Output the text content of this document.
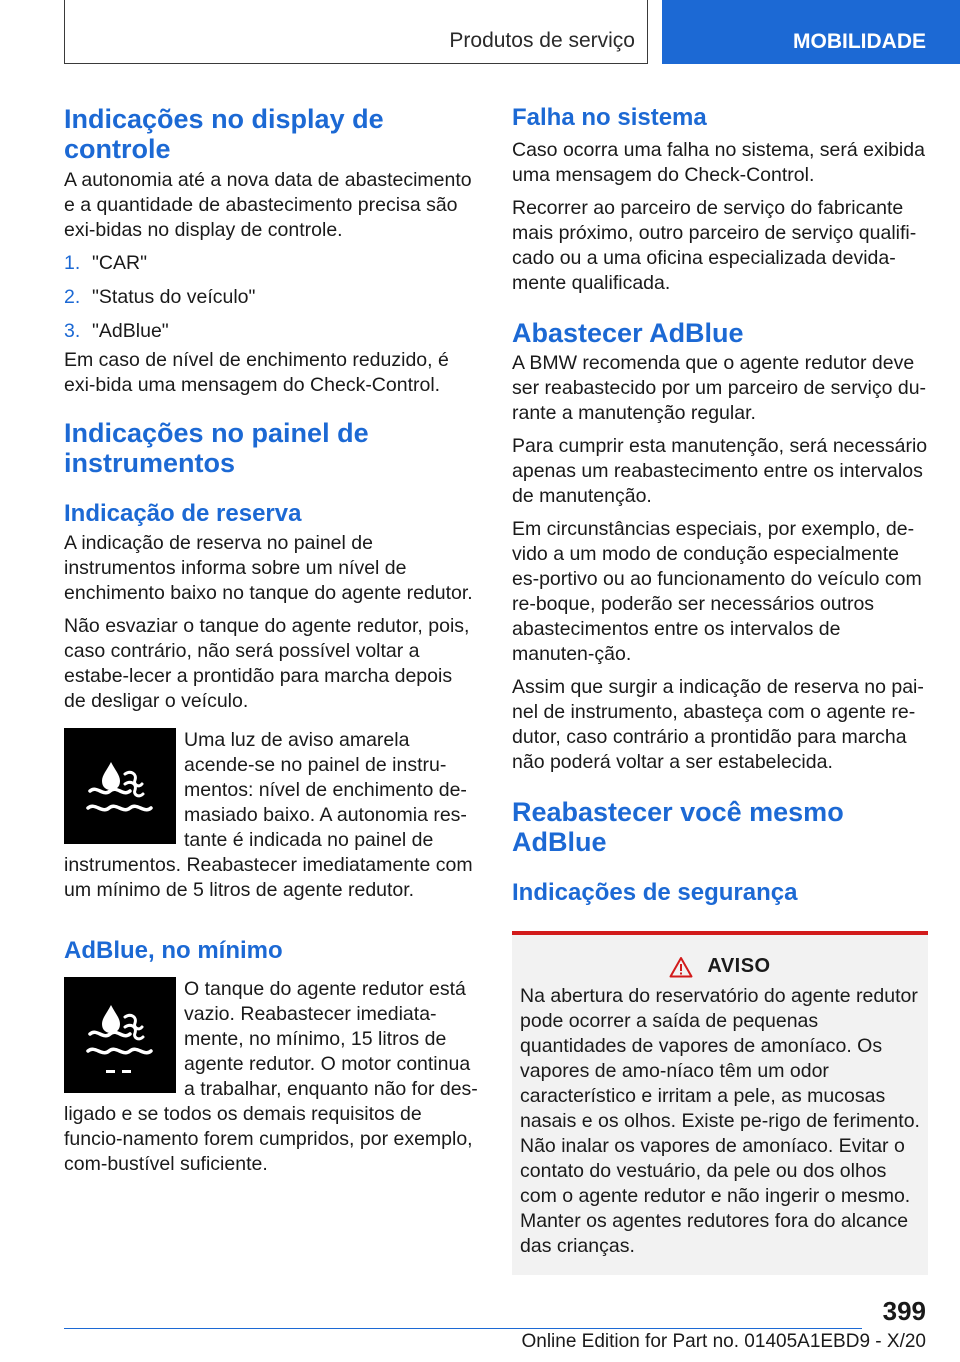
Produtos de serviço	MOBILIDADE
Indicações no display de controle

A autonomia até a nova data de abastecimento e a quantidade de abastecimento precisa são exi-bidas no display de controle.

1. "CAR"
2. "Status do veículo"
3. "AdBlue"

Em caso de nível de enchimento reduzido, é exi-bida uma mensagem do Check-Control.

Indicações no painel de instrumentos
Indicação de reserva

A indicação de reserva no painel de instrumentos informa sobre um nível de enchimento baixo no tanque do agente redutor.

Não esvaziar o tanque do agente redutor, pois, caso contrário, não será possível voltar a estabe-lecer a prontidão para marcha depois de desligar o veículo.

Uma luz de aviso amarela acende-se no painel de instru-mentos: nível de enchimento de-masiado baixo. A autonomia res-tante é indicada no painel de instrumentos. Reabastecer imediatamente com um mínimo de 5 litros de agente redutor.

AdBlue, no mínimo

O tanque do agente redutor está vazio. Reabastecer imediata-mente, no mínimo, 15 litros de agente redutor. O motor continua a trabalhar, enquanto não for des-ligado e se todos os demais requisitos de funcio-namento forem cumpridos, por exemplo, com-bustível suficiente.

Falha no sistema

Caso ocorra uma falha no sistema, será exibida uma mensagem do Check-Control.

Recorrer ao parceiro de serviço do fabricante mais próximo, outro parceiro de serviço qualifi-cado ou a uma oficina especializada devida-mente qualificada.

Abastecer AdBlue

A BMW recomenda que o agente redutor deve ser reabastecido por um parceiro de serviço du-rante a manutenção regular.

Para cumprir esta manutenção, será necessário apenas um reabastecimento entre os intervalos de manutenção.

Em circunstâncias especiais, por exemplo, de-vido a um modo de condução especialmente es-portivo ou ao funcionamento do veículo com re-boque, poderão ser necessários outros abastecimentos entre os intervalos de manuten-ção.

Assim que surgir a indicação de reserva no pai-nel de instrumento, abasteça com o agente re-dutor, caso contrário a prontidão para marcha não poderá voltar a ser estabelecida.

Reabastecer você mesmo AdBlue
Indicações de segurança
AVISO

Na abertura do reservatório do agente redutor pode ocorrer a saída de pequenas quantidades de vapores de amoníaco. Os vapores de amo-níaco têm um odor característico e irritam a pele, as mucosas nasais e os olhos. Existe pe-rigo de ferimento. Não inalar os vapores de amoníaco. Evitar o contato do vestuário, da pele ou dos olhos com o agente redutor e não ingerir o mesmo. Manter os agentes redutores fora do alcance das crianças.

399
Online Edition for Part no. 01405A1EBD9 - X/20
